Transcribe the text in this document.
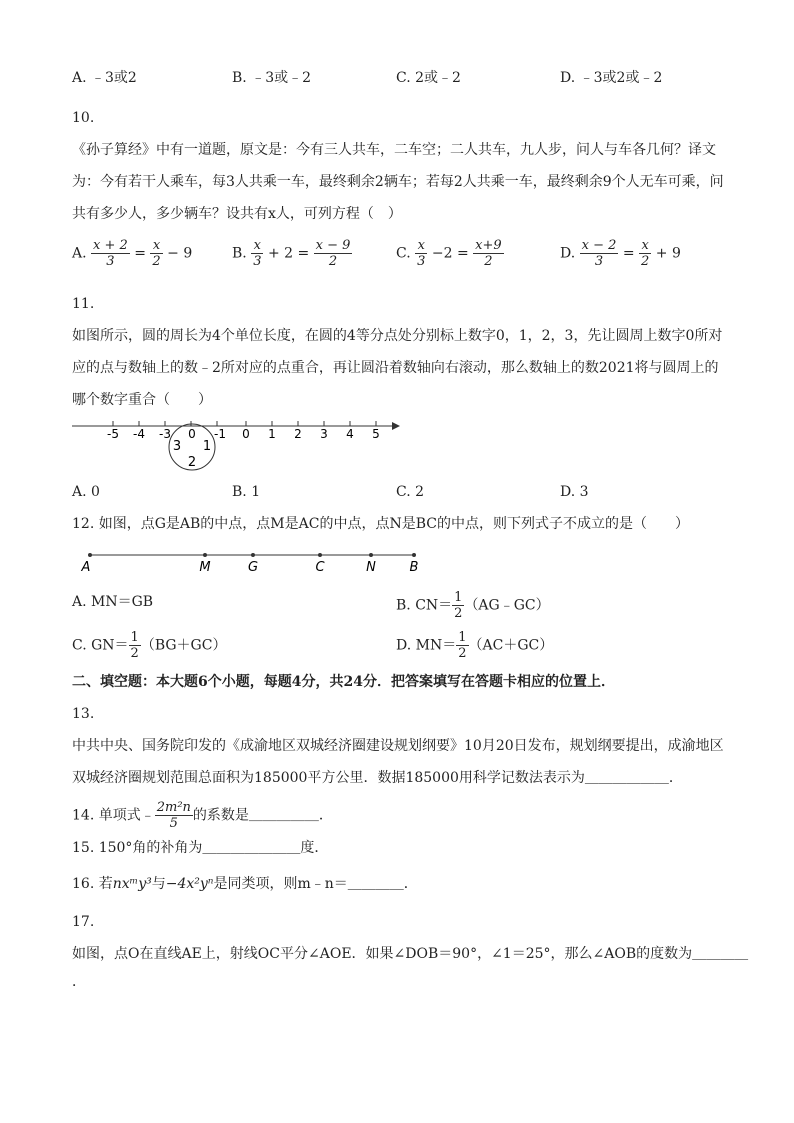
A. ﹣3或2	B. ﹣3或﹣2	C. 2或﹣2	D. ﹣3或2或﹣2
10.
《孙子算经》中有一道题，原文是：今有三人共车，二车空；二人共车，九人步，问人与车各几何？译文
为：今有若干人乘车，每3人共乘一车，最终剩余2辆车；若每2人共乘一车，最终剩余9个人无车可乘，问
共有多少人，多少辆车？设共有x人，可列方程（　）
A. $\frac{x + 2}{3} = \frac{x}{2} - 9$	B. $\frac{x}{3} + 2 = \frac{x - 9}{2}$	C. $\frac{x}{3} -2 = \frac{x+9}{2}$	D. $\frac{x - 2}{3} = \frac{x}{2} + 9$
11.
如图所示，圆的周长为4个单位长度，在圆的4等分点处分别标上数字0，1，2，3，先让圆周上数字0所对
应的点与数轴上的数﹣2所对应的点重合，再让圆沿着数轴向右滚动，那么数轴上的数2021将与圆周上的
哪个数字重合（　　）
-5 -4 -3 0 -1 0 1 2 3 4 5
3 1
2
A. 0	B. 1	C. 2	D. 3
12. 如图，点G是AB的中点，点M是AC的中点，点N是BC的中点，则下列式子不成立的是（　　）
A	M	G	C	N	B
A. MN＝GB	B. $CN= \frac{1}{2}$ （AG﹣GC）
C. $GN= \frac{1}{2} (BG+GC)$	D. $MN= \frac{1}{2} (AC+GC)$
二、填空题：本大题6个小题，每题4分，共24分．把答案填写在答题卡相应的位置上．
13.
中共中央、国务院印发的《成渝地区双城经济圈建设规划纲要》10月20日发布，规划纲要提出，成渝地区
双城经济圈规划范围总面积为185000平方公里．数据185000用科学记数法表示为＿＿＿＿＿＿．
14. 单项式﹣ $\frac{\text{2m²n}}{5}$ 的系数是＿＿＿＿＿．
15. 150°角的补角为＿＿＿＿＿＿＿度．
16. 若nxᵐy³与−4x²yⁿ是同类项，则m﹣n＝＿＿＿＿．
17.
如图，点O在直线AE上，射线OC平分∠AOE．如果∠DOB＝90°，∠1＝25°，那么∠AOB的度数为＿＿＿＿
．
